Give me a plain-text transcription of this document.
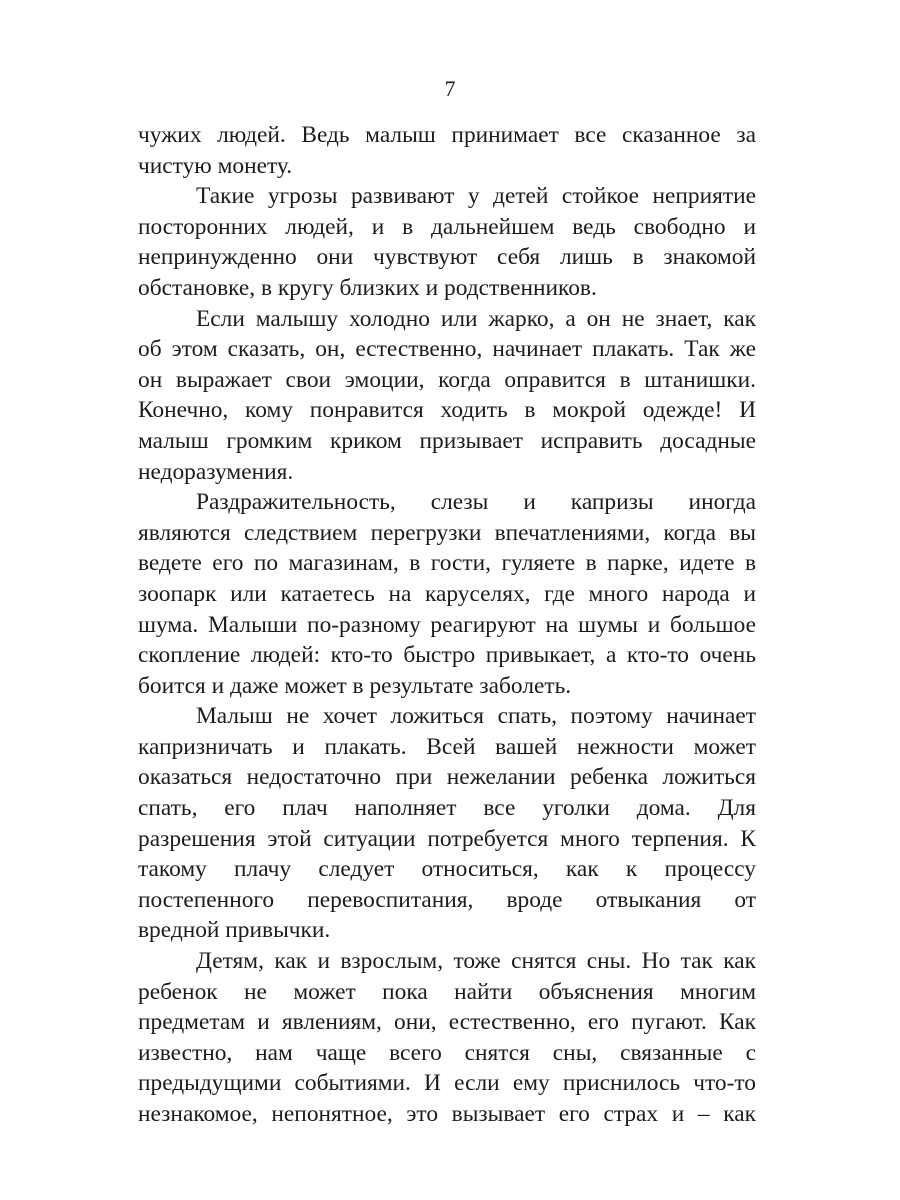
7
чужих людей. Ведь малыш принимает все сказанное за
чистую монету.
Такие угрозы развивают у детей стойкое неприятие
посторонних людей, и в дальнейшем ведь свободно и
непринужденно они чувствуют себя лишь в знакомой
обстановке, в кругу близких и родственников.
Если малышу холодно или жарко, а он не знает, как
об этом сказать, он, естественно, начинает плакать. Так же
он выражает свои эмоции, когда оправится в штанишки.
Конечно, кому понравится ходить в мокрой одежде! И
малыш громким криком призывает исправить досадные
недоразумения.
Раздражительность, слезы и капризы иногда
являются следствием перегрузки впечатлениями, когда вы
ведете его по магазинам, в гости, гуляете в парке, идете в
зоопарк или катаетесь на каруселях, где много народа и
шума. Малыши по-разному реагируют на шумы и большое
скопление людей: кто-то быстро привыкает, а кто-то очень
боится и даже может в результате заболеть.
Малыш не хочет ложиться спать, поэтому начинает
капризничать и плакать. Всей вашей нежности может
оказаться недостаточно при нежелании ребенка ложиться
спать, его плач наполняет все уголки дома. Для
разрешения этой ситуации потребуется много терпения. К
такому плачу следует относиться, как к процессу
постепенного перевоспитания, вроде отвыкания от
вредной привычки.
Детям, как и взрослым, тоже снятся сны. Но так как
ребенок не может пока найти объяснения многим
предметам и явлениям, они, естественно, его пугают. Как
известно, нам чаще всего снятся сны, связанные с
предыдущими событиями. И если ему приснилось что-то
незнакомое, непонятное, это вызывает его страх и – как
